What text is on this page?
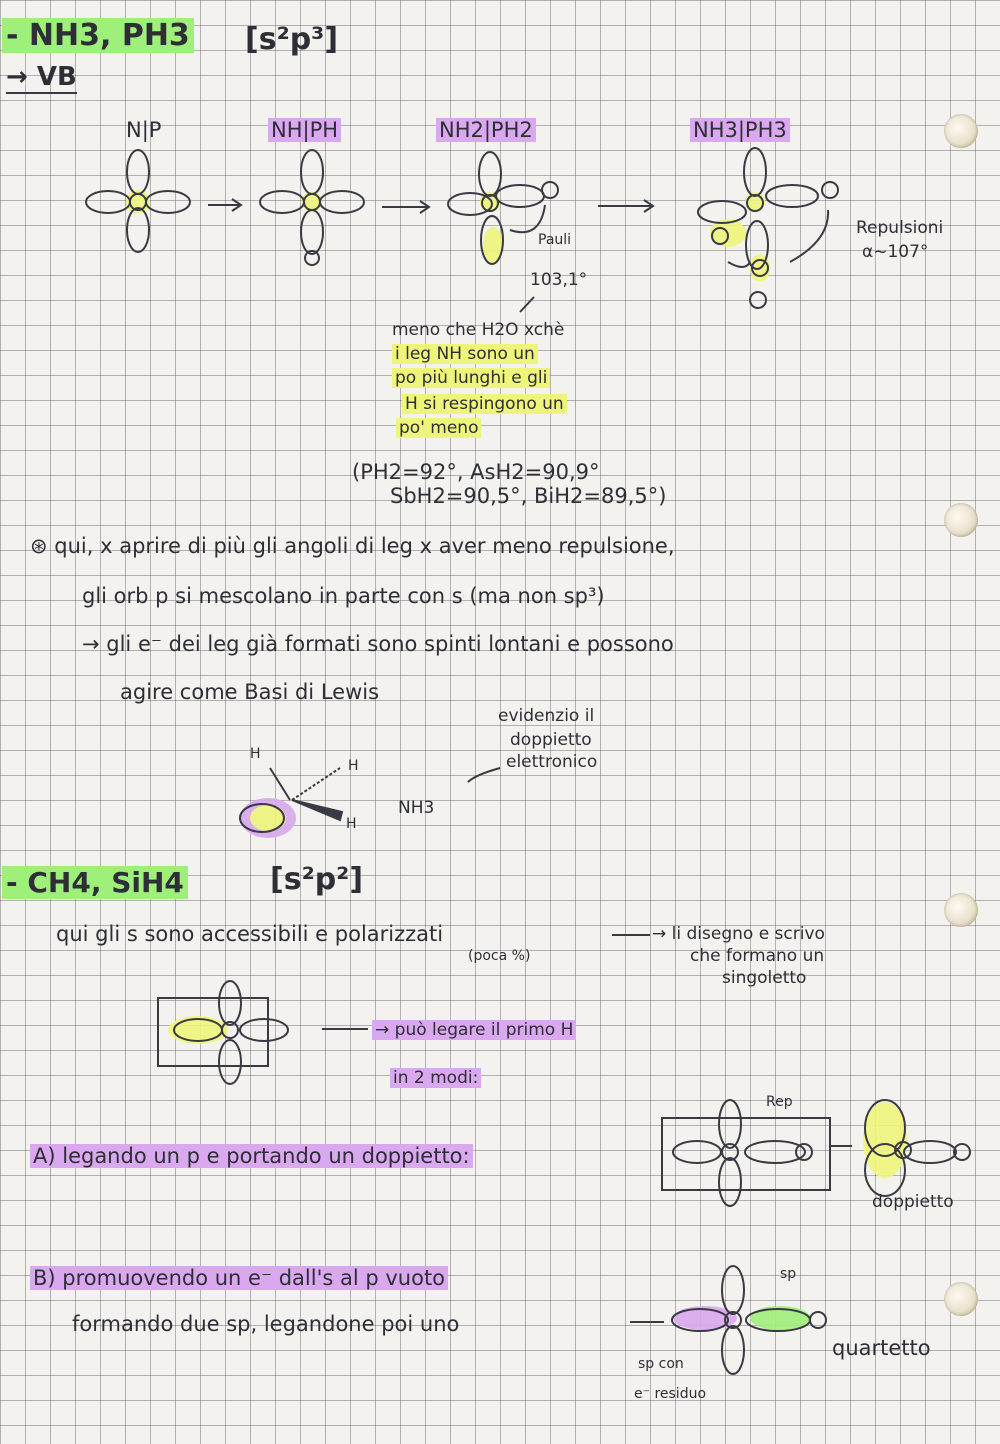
- NH3, PH3 [s²p³]
→ VB
N|P	NH|PH	NH2|PH2	NH3|PH3
Pauli
103,1°
Repulsioni
α~107°
meno che H2O xchè
i leg NH sono un
po più lunghi e gli
H si respingono un
po' meno
(PH2=92°, AsH2=90,9°
SbH2=90,5°, BiH2=89,5°)
⊛ qui, x aprire di più gli angoli di leg x aver meno repulsione,
gli orb p si mescolano in parte con s (ma non sp³)
→ gli e⁻ dei leg già formati sono spinti lontani e possono
agire come Basi di Lewis
evidenzio il
doppietto
elettronico
H
H
H
NH3
- CH4, SiH4	[s²p²]
qui gli s sono accessibili e polarizzati
(poca %)
→ li disegno e scrivo
che formano un
singoletto
→ può legare il primo H
in 2 modi:
A) legando un p e portando un doppietto:
Rep
doppietto
B) promuovendo un e⁻ dall's al p vuoto
formando due sp, legandone poi uno
sp
sp con
e⁻ residuo
quartetto
